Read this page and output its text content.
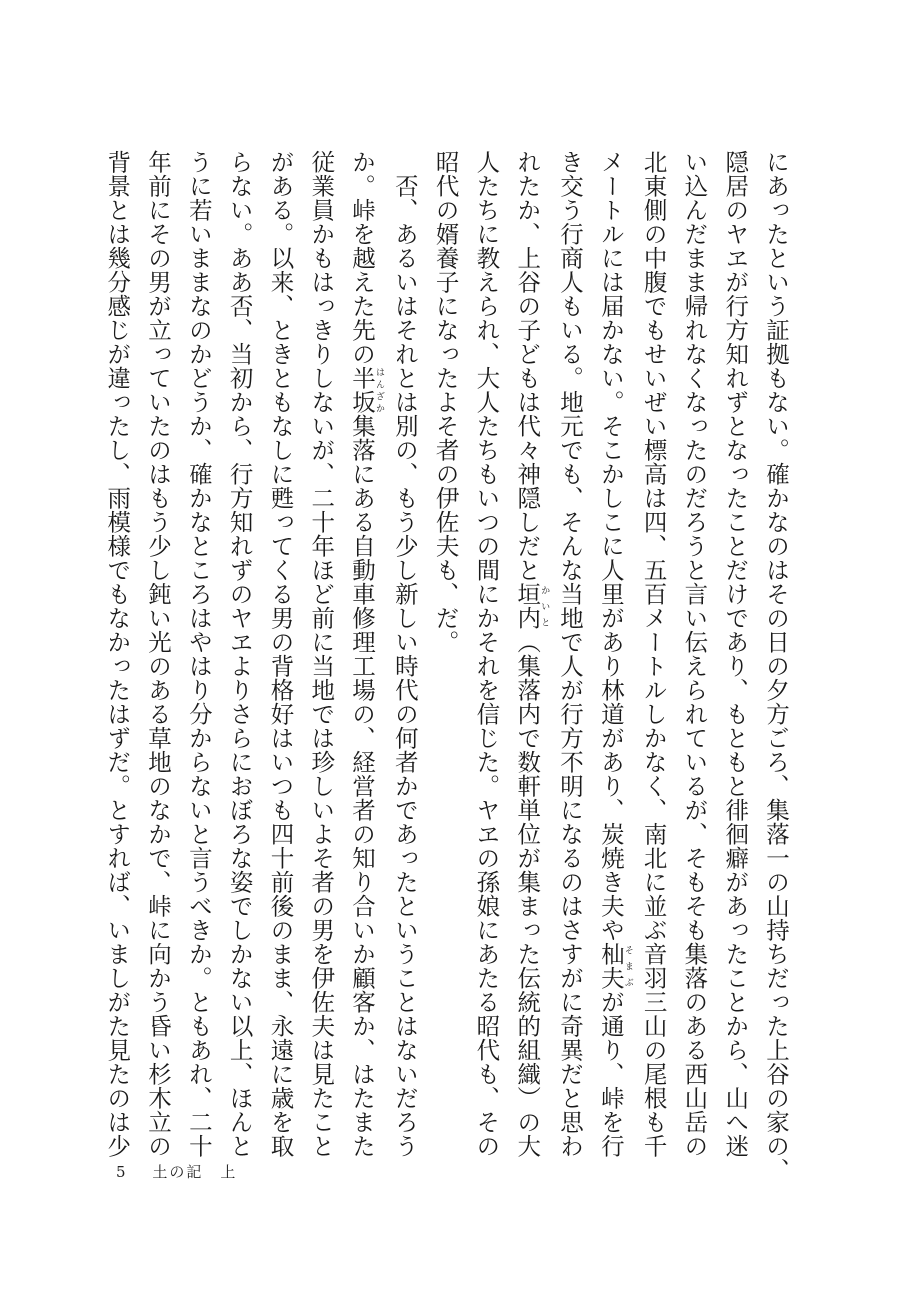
にあったという証拠もない。確かなのはその日の夕方ごろ、集落一の山持ちだった上谷の家の、
隠居のヤヱが行方知れずとなったことだけであり、もともと徘徊癖があったことから、山へ迷
い込んだまま帰れなくなったのだろうと言い伝えられているが、そもそも集落のある西山岳の
北東側の中腹でもせいぜい標高は四、五百メートルしかなく、南北に並ぶ音羽三山の尾根も千
メートルには届かない。そこかしこに人里があり林道があり、炭焼き夫や杣夫そまぶが通り、峠を行
き交う行商人もいる。地元でも、そんな当地で人が行方不明になるのはさすがに奇異だと思わ
れたか、上谷の子どもは代々神隠しだと垣内かいと（集落内で数軒単位が集まった伝統的組織）の大
人たちに教えられ、大人たちもいつの間にかそれを信じた。ヤヱの孫娘にあたる昭代も、その
昭代の婿養子になったよそ者の伊佐夫も、だ。
　否、あるいはそれとは別の、もう少し新しい時代の何者かであったということはないだろう
か。峠を越えた先の半坂はんざか集落にある自動車修理工場の、経営者の知り合いか顧客か、はたまた
従業員かもはっきりしないが、二十年ほど前に当地では珍しいよそ者の男を伊佐夫は見たこと
がある。以来、ときともなしに甦ってくる男の背格好はいつも四十前後のまま、永遠に歳を取
らない。ああ否、当初から、行方知れずのヤヱよりさらにおぼろな姿でしかない以上、ほんと
うに若いままなのかどうか、確かなところはやはり分からないと言うべきか。ともあれ、二十
年前にその男が立っていたのはもう少し鈍い光のある草地のなかで、峠に向かう昏い杉木立の
背景とは幾分感じが違ったし、雨模様でもなかったはずだ。とすれば、いましがた見たのは少
5 土の記　上
